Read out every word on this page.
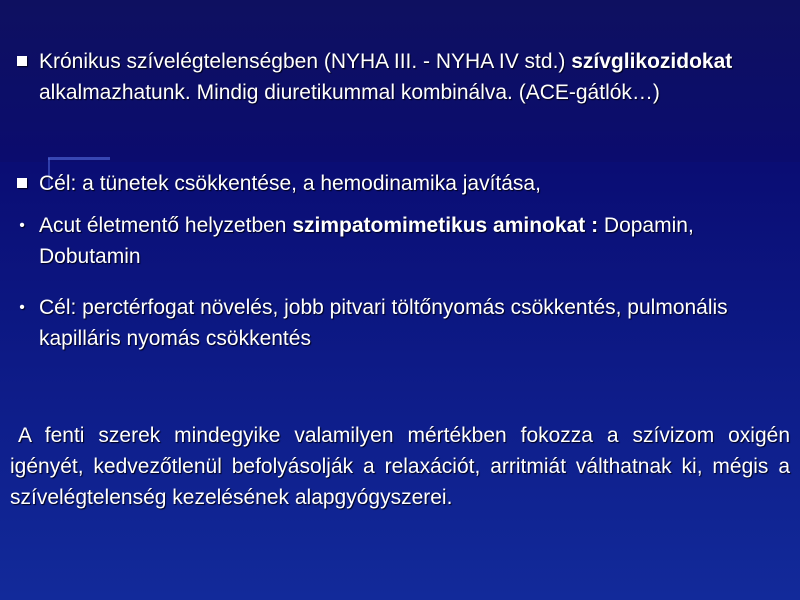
Krónikus szívelégtelenségben (NYHA III. - NYHA IV std.) szívglikozidokat alkalmazhatunk. Mindig diuretikummal kombinálva. (ACE-gátlók…)
Cél: a tünetek csökkentése, a hemodinamika javítása,
• Acut életmentő helyzetben szimpatomimetikus aminokat : Dopamin, Dobutamin
• Cél: perctérfogat növelés, jobb pitvari töltőnyomás csökkentés, pulmonális kapilláris nyomás csökkentés
A fenti szerek mindegyike valamilyen mértékben fokozza a szívizom oxigén igényét, kedvezőtlenül befolyásolják a relaxációt, arritmiát válthatnak ki, mégis a szívelégtelenség kezelésének alapgyógyszerei.
